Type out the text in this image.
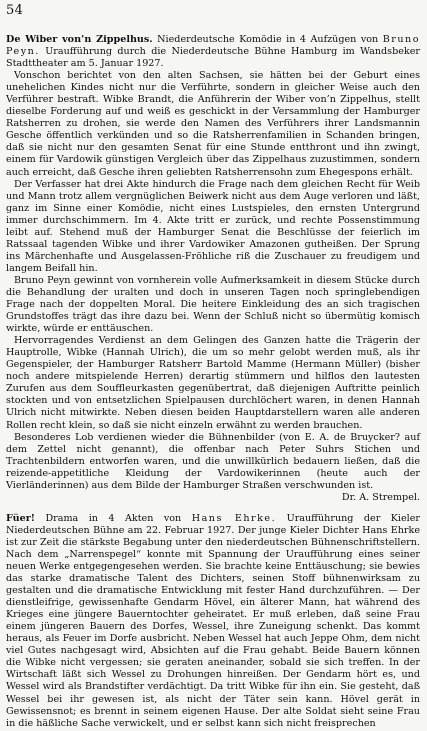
54

De Wiber von’n Zippelhus. Niederdeutsche Komödie in 4 Aufzügen von Bruno Peyn. Uraufführung durch die Niederdeutsche Bühne Hamburg im Wandsbeker Stadttheater am 5. Januar 1927.

Vonschon berichtet von den alten Sachsen, sie hätten bei der Geburt eines unehelichen Kindes nicht nur die Verführte, sondern in gleicher Weise auch den Verführer bestraft. Wibke Brandt, die Anführerin der Wiber von’n Zippelhus, stellt dieselbe Forderung auf und weiß es geschickt in der Versammlung der Hamburger Ratsherren zu drohen, sie werde den Namen des Verführers ihrer Landsmannin Gesche öffentlich verkünden und so die Ratsherrenfamilien in Schanden bringen, daß sie nicht nur den gesamten Senat für eine Stunde entthront und ihn zwingt, einem für Vardowik günstigen Vergleich über das Zippelhaus zuzustimmen, sondern auch erreicht, daß Gesche ihren geliebten Ratsherrensohn zum Ehegespons erhält.

Der Verfasser hat drei Akte hindurch die Frage nach dem gleichen Recht für Weib und Mann trotz allem vergnüglichen Beiwerk nicht aus dem Auge verloren und läßt, ganz im Sinne einer Komödie, nicht eines Lustspieles, den ernsten Untergrund immer durchschimmern. Im 4. Akte tritt er zurück, und rechte Possenstimmung leibt auf. Stehend muß der Hamburger Senat die Beschlüsse der feierlich im Ratssaal tagenden Wibke und ihrer Vardowiker Amazonen gutheißen. Der Sprung ins Märchenhafte und Ausgelassen-Fröhliche riß die Zuschauer zu freudigem und langem Beifall hin.

Bruno Peyn gewinnt von vornherein volle Aufmerksamkeit in diesem Stücke durch die Behandlung der uralten und doch in unseren Tagen noch springlebendigen Frage nach der doppelten Moral. Die heitere Einkleidung des an sich tragischen Grundstoffes trägt das ihre dazu bei. Wenn der Schluß nicht so übermütig komisch wirkte, würde er enttäuschen.

Hervorragendes Verdienst an dem Gelingen des Ganzen hatte die Trägerin der Hauptrolle, Wibke (Hannah Ulrich), die um so mehr gelobt werden muß, als ihr Gegenspieler, der Hamburger Ratsherr Bartold Mamme (Hermann Müller) (bisher noch andere mitspielende Herren) derartig stümmern und hilflos den lautesten Zurufen aus dem Souffleurkasten gegenübertrat, daß diejenigen Auftritte peinlich stockten und von entsetzlichen Spielpausen durchlöchert waren, in denen Hannah Ulrich nicht mitwirkte. Neben diesen beiden Hauptdarstellern waren alle anderen Rollen recht klein, so daß sie nicht einzeln erwähnt zu werden brauchen.

Besonderes Lob verdienen wieder die Bühnenbilder (von E. A. de Bruycker? auf dem Zettel nicht genannt), die offenbar nach Peter Suhrs Stichen und Trachtenbildern entworfen waren, und die unwillkürlich bedauern ließen, daß die reizende-appetitliche Kleidung der Vardowikerinnen (heute auch der Vierländerinnen) aus dem Bilde der Hamburger Straßen verschwunden ist.

Dr. A. Strempel.

Füer! Drama in 4 Akten von Hans Ehrke. Uraufführung der Kieler Niederdeutschen Bühne am 22. Februar 1927. Der junge Kieler Dichter Hans Ehrke ist zur Zeit die stärkste Begabung unter den niederdeutschen Bühnenschriftstellern. Nach dem „Narrenspegel“ konnte mit Spannung der Uraufführung eines seiner neuen Werke entgegengesehen werden. Sie brachte keine Enttäuschung; sie bewies das starke dramatische Talent des Dichters, seinen Stoff bühnenwirksam zu gestalten und die dramatische Entwicklung mit fester Hand durchzuführen. — Der dienstleifrige, gewissenhafte Gendarm Hövel, ein älterer Mann, hat während des Krieges eine jüngere Bauerntochter geheiratet. Er muß erleben, daß seine Frau einem jüngeren Bauern des Dorfes, Wessel, ihre Zuneigung schenkt. Das kommt heraus, als Feuer im Dorfe ausbricht. Neben Wessel hat auch Jeppe Ohm, dem nicht viel Gutes nachgesagt wird, Absichten auf die Frau gehabt. Beide Bauern können die Wibke nicht vergessen; sie geraten aneinander, sobald sie sich treffen. In der Wirtschaft läßt sich Wessel zu Drohungen hinreißen. Der Gendarm hört es, und Wessel wird als Brandstifter verdächtigt. Da tritt Wibke für ihn ein. Sie gesteht, daß Wessel bei ihr gewesen ist, als nicht der Täter sein kann. Hövel gerät in Gewissensnot; es brennt in seinem eigenen Hause. Der alte Soldat sieht seine Frau in die häßliche Sache verwickelt, und er selbst kann sich nicht freisprechen
